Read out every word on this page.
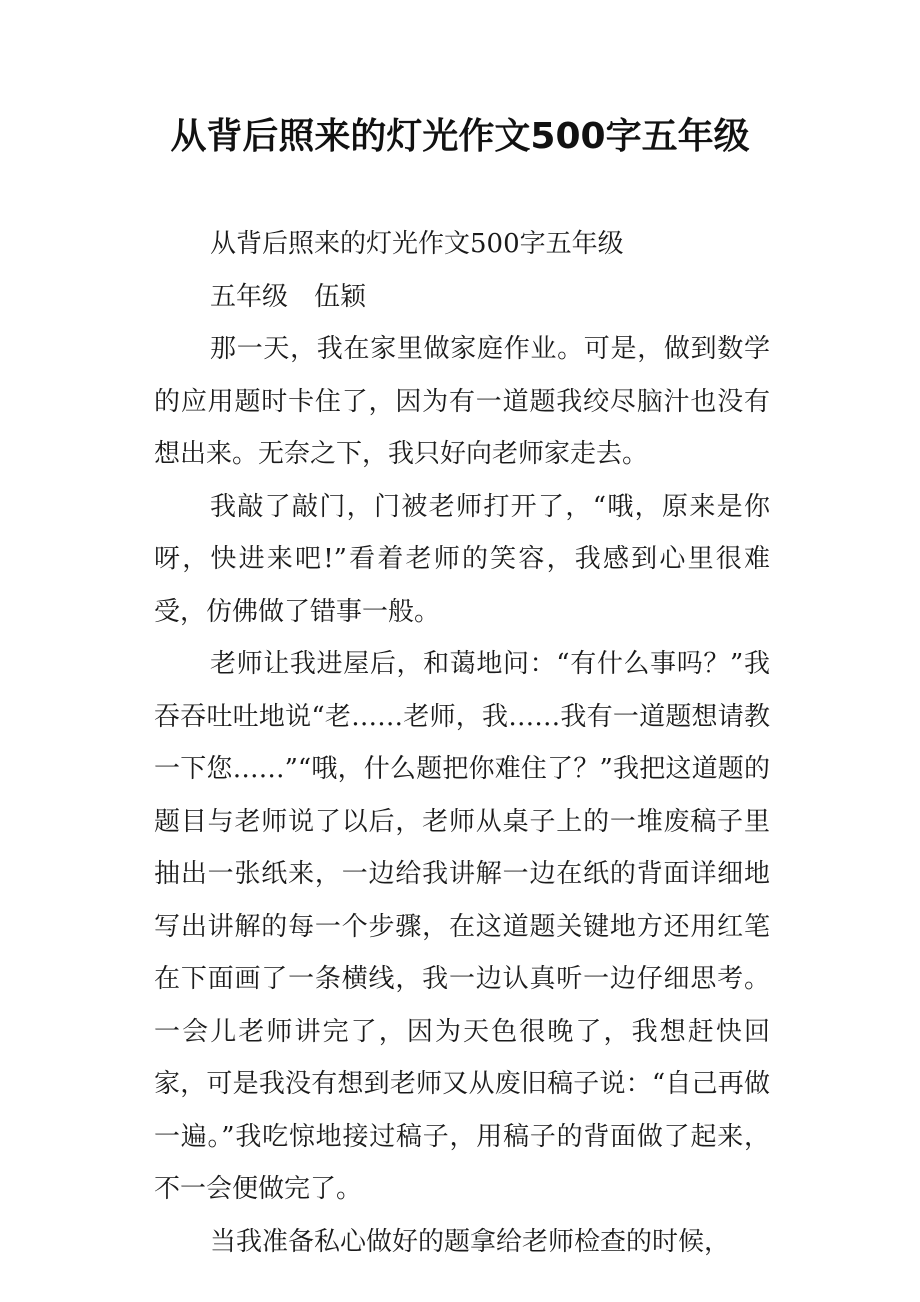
从背后照来的灯光作文500字五年级

从背后照来的灯光作文500字五年级

五年级　伍颖

那一天，我在家里做家庭作业。可是，做到数学的应用题时卡住了，因为有一道题我绞尽脑汁也没有想出来。无奈之下，我只好向老师家走去。

我敲了敲门，门被老师打开了，“哦，原来是你呀，快进来吧!”看着老师的笑容，我感到心里很难受，仿佛做了错事一般。

老师让我进屋后，和蔼地问：“有什么事吗？”我吞吞吐吐地说“老……老师，我……我有一道题想请教一下您……”“哦，什么题把你难住了？”我把这道题的题目与老师说了以后，老师从桌子上的一堆废稿子里抽出一张纸来，一边给我讲解一边在纸的背面详细地写出讲解的每一个步骤，在这道题关键地方还用红笔在下面画了一条横线，我一边认真听一边仔细思考。一会儿老师讲完了，因为天色很晚了，我想赶快回家，可是我没有想到老师又从废旧稿子说：“自己再做一遍。”我吃惊地接过稿子，用稿子的背面做了起来，不一会便做完了。

当我准备私心做好的题拿给老师检查的时候，
